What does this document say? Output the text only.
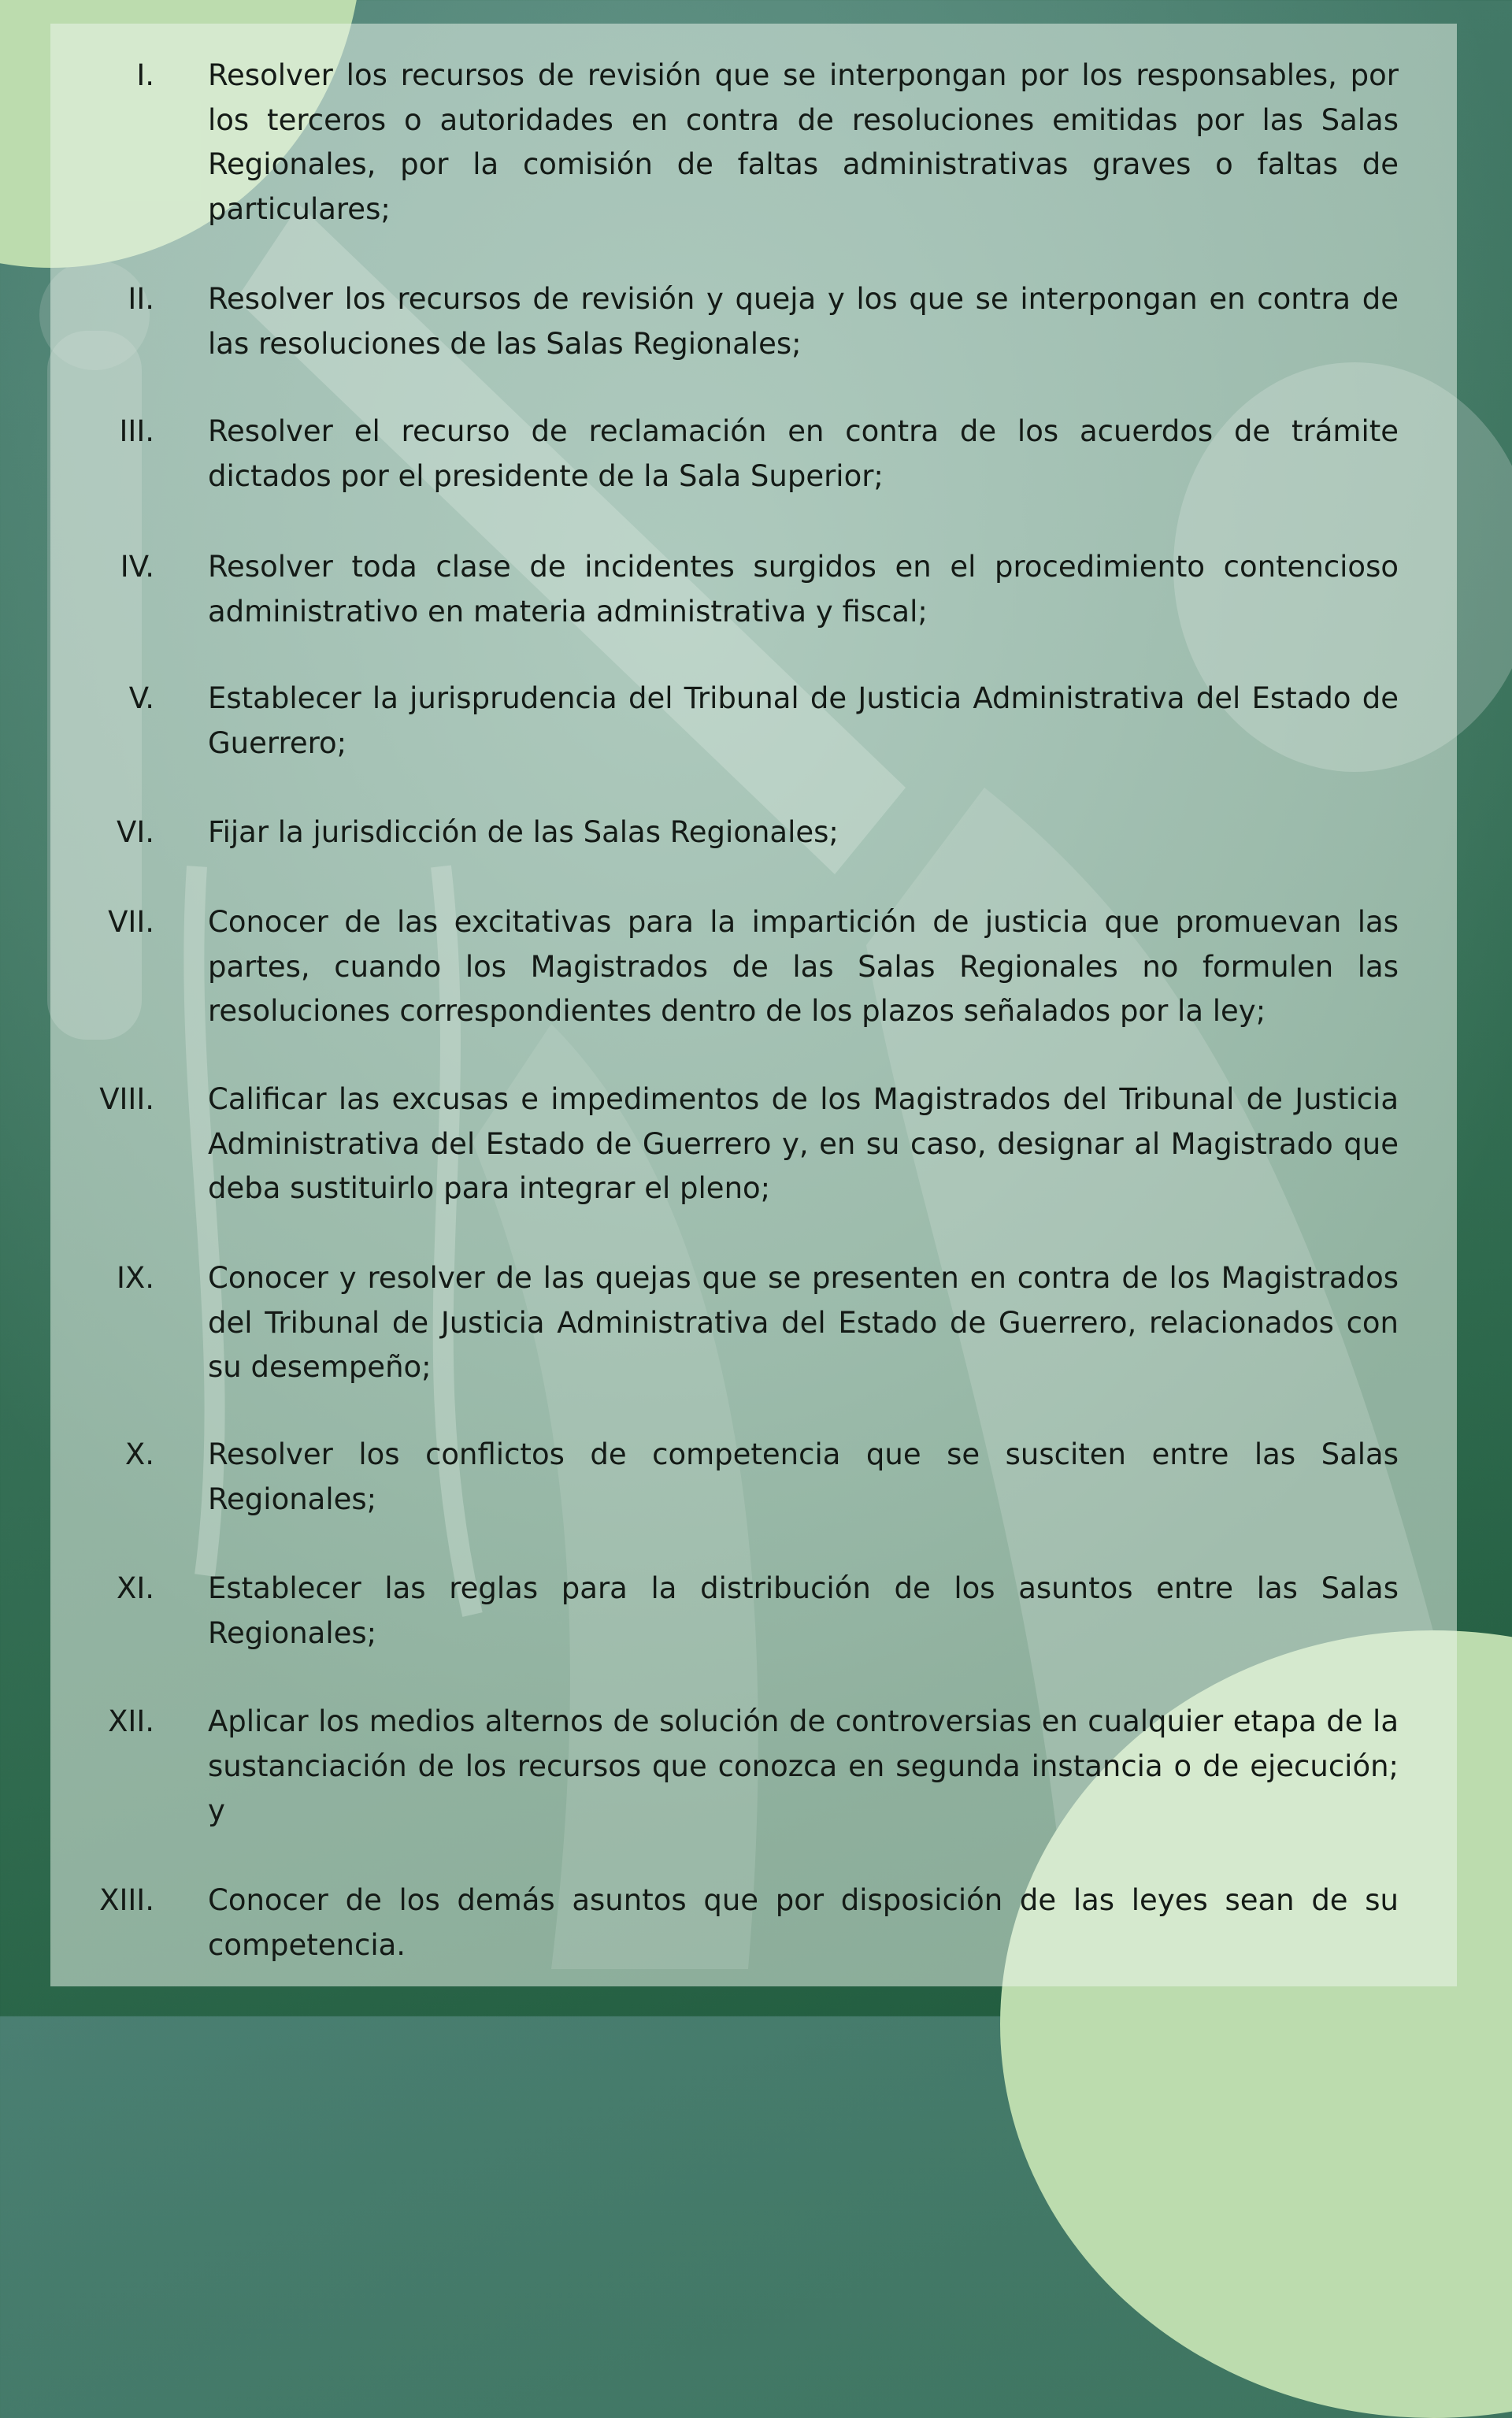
I. Resolver los recursos de revisión que se interpongan por los responsables, por los terceros o autoridades en contra de resoluciones emitidas por las Salas Regionales, por la comisión de faltas administrativas graves o faltas de particulares;
II. Resolver los recursos de revisión y queja y los que se interpongan en contra de las resoluciones de las Salas Regionales;
III. Resolver el recurso de reclamación en contra de los acuerdos de trámite dictados por el presidente de la Sala Superior;
IV. Resolver toda clase de incidentes surgidos en el procedimiento contencioso administrativo en materia administrativa y fiscal;
V. Establecer la jurisprudencia del Tribunal de Justicia Administrativa del Estado de Guerrero;
VI. Fijar la jurisdicción de las Salas Regionales;
VII. Conocer de las excitativas para la impartición de justicia que promuevan las partes, cuando los Magistrados de las Salas Regionales no formulen las resoluciones correspondientes dentro de los plazos señalados por la ley;
VIII. Calificar las excusas e impedimentos de los Magistrados del Tribunal de Justicia Administrativa del Estado de Guerrero y, en su caso, designar al Magistrado que deba sustituirlo para integrar el pleno;
IX. Conocer y resolver de las quejas que se presenten en contra de los Magistrados del Tribunal de Justicia Administrativa del Estado de Guerrero, relacionados con su desempeño;
X. Resolver los conflictos de competencia que se susciten entre las Salas Regionales;
XI. Establecer las reglas para la distribución de los asuntos entre las Salas Regionales;
XII. Aplicar los medios alternos de solución de controversias en cualquier etapa de la sustanciación de los recursos que conozca en segunda instancia o de ejecución; y
XIII. Conocer de los demás asuntos que por disposición de las leyes sean de su competencia.
